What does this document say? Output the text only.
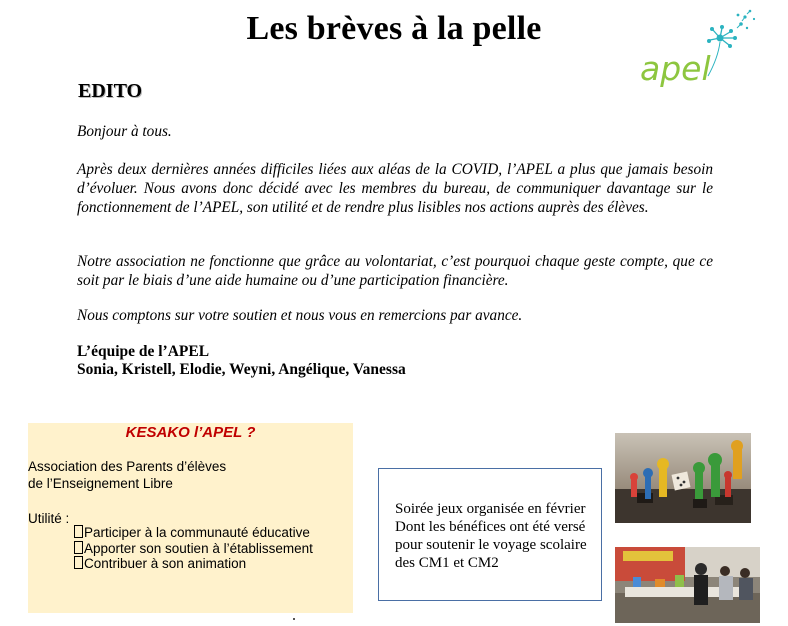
Les brèves à la pelle
apel
EDITO
Bonjour à tous.
Après deux dernières années difficiles liées aux aléas de la COVID, l’APEL a plus que jamais besoin d’évoluer. Nous avons donc décidé avec les membres du bureau, de communiquer davantage sur le fonctionnement de l’APEL, son utilité et de rendre plus lisibles nos actions auprès des élèves.
Notre association ne fonctionne que grâce au volontariat, c’est pourquoi chaque geste compte, que ce soit par le biais d’une aide humaine ou d’une participation financière.
Nous comptons sur votre soutien et nous vous en remercions par avance.
L’équipe de l’APEL
Sonia, Kristell, Elodie, Weyni, Angélique, Vanessa
KESAKO l’APEL ?
Association des Parents d’élèves
de l’Enseignement Libre
Utilité :
Participer à la communauté éducative
Apporter son soutien à l’établissement
Contribuer à son animation
Soirée jeux organisée en février
Dont les bénéfices ont été versé
pour soutenir le voyage scolaire
des CM1 et CM2
